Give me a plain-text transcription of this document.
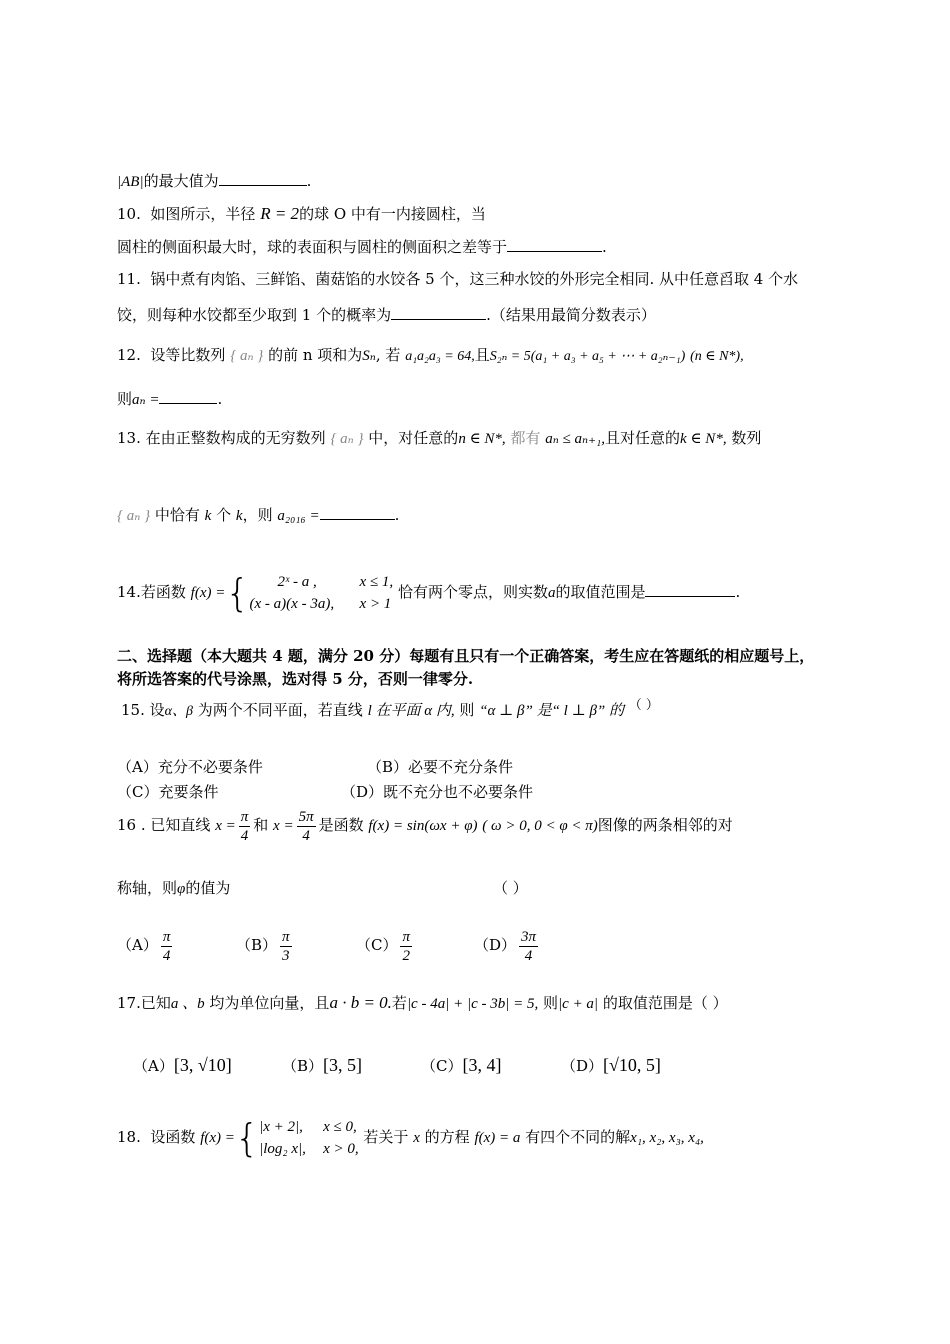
|AB|的最大值为	.
10. 如图所示，半径 R = 2的球 O 中有一内接圆柱，当
圆柱的侧面积最大时，球的表面积与圆柱的侧面积之差等于	.
11. 锅中煮有肉馅、三鲜馅、菌菇馅的水饺各 5 个，这三种水饺的外形完全相同. 从中任意舀取 4 个水
饺，则每种水饺都至少取到 1 个的概率为	.（结果用最简分数表示）
12. 设等比数列 { aₙ } 的前 n 项和为Sₙ, 若 a₁a₂a₃ = 64,且S₂ₙ = 5(a₁ + a₃ + a₅ + ⋯ + a₂ₙ₋₁) (n ∈ N*),
则aₙ =	.
13. 在由正整数构成的无穷数列 { aₙ } 中，对任意的n ∈ N*, 都有 aₙ ≤ aₙ₊₁,且对任意的k ∈ N*, 数列
{ aₙ } 中恰有 k 个 k，则 a₂₀₁₆ =	.
14.若函数 f(x) ={	2ˣ - a ,	x ≤ 1,
(x - a)(x - 3a), x > 1
恰有两个零点，则实数a的取值范围是	.
二、选择题（本大题共 4 题，满分 20 分）每题有且只有一个正确答案，考生应在答题纸的相应题号上，
将所选答案的代号涂黑，选对得 5 分，否则一律零分.
15. 设α、β 为两个不同平面，若直线 l 在平面 α 内, 则 “α ⊥ β” 是“ l ⊥ β” 的 （ ）
（A）充分不必要条件	（B）必要不充分条件
（C）充要条件	（D）既不充分也不必要条件
16 . 已知直线 $x = \frac{\pi}{4}$ 和 $x = \frac{5\pi}{4}$ 是函数 f(x) = sin(ωx + φ) ( ω > 0, 0 < φ < π)图像的两条相邻的对
称轴，则φ的值为	（ ）
$(A) \frac{\pi}{4}$	$(B) \frac{\pi}{3}$	$(C) \frac{\pi}{2}$	$(D) \frac{3\pi}{4}$
17.已知a 、b 均为单位向量，且a · b = 0.若|c - 4a| + |c - 3b| = 5, 则|c + a| 的取值范围是（ ）
（A）[3, √10]	（B）[3, 5]	（C）[3, 4]	（D）[√10, 5]
18. 设函数 f(x) ={ |x + 2|, x ≤ 0,
|log₂ x|, x > 0,
若关于 x 的方程 f(x) = a 有四个不同的解x₁, x₂, x₃, x₄,
